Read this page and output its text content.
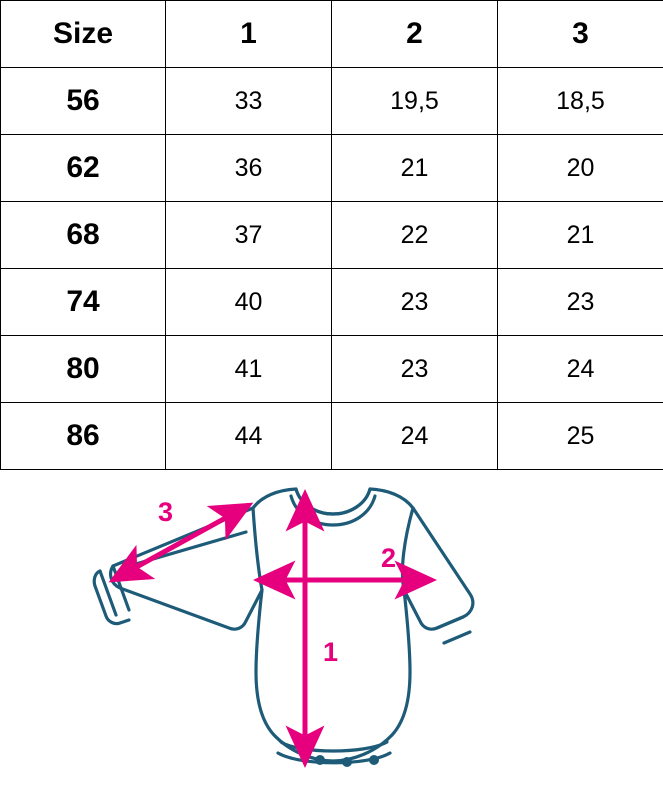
Size	1	2	3
56	33	19,5	18,5
62	36	21	20
68	37	22	21
74	40	23	23
80	41	23	24
86	44	24	25
1
2
3
